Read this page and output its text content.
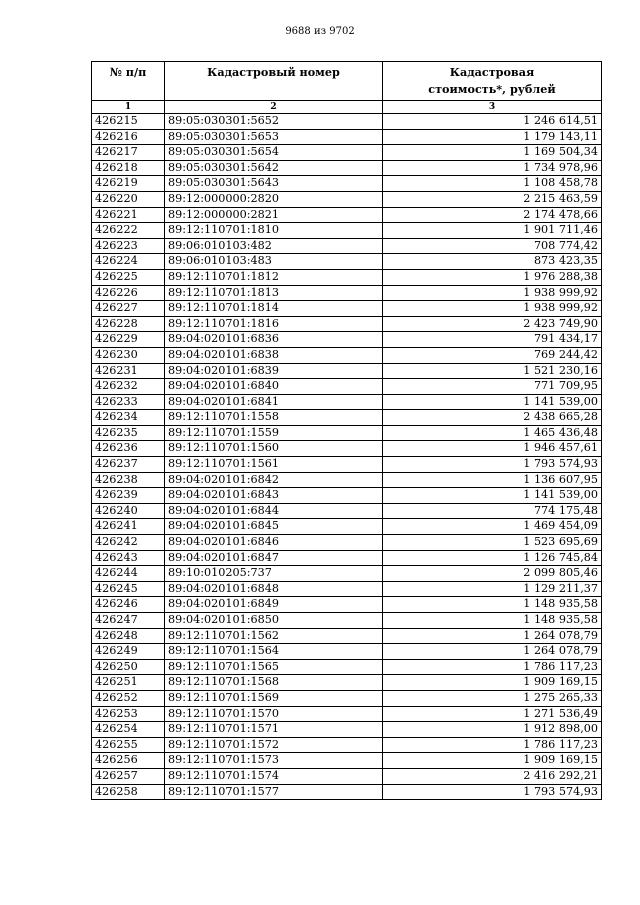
9688 из 9702
№ п/п	Кадастровый номер	Кадастровая стоимость*, рублей
1	2	3
426215	89:05:030301:5652	1 246 614,51
426216	89:05:030301:5653	1 179 143,11
426217	89:05:030301:5654	1 169 504,34
426218	89:05:030301:5642	1 734 978,96
426219	89:05:030301:5643	1 108 458,78
426220	89:12:000000:2820	2 215 463,59
426221	89:12:000000:2821	2 174 478,66
426222	89:12:110701:1810	1 901 711,46
426223	89:06:010103:482	708 774,42
426224	89:06:010103:483	873 423,35
426225	89:12:110701:1812	1 976 288,38
426226	89:12:110701:1813	1 938 999,92
426227	89:12:110701:1814	1 938 999,92
426228	89:12:110701:1816	2 423 749,90
426229	89:04:020101:6836	791 434,17
426230	89:04:020101:6838	769 244,42
426231	89:04:020101:6839	1 521 230,16
426232	89:04:020101:6840	771 709,95
426233	89:04:020101:6841	1 141 539,00
426234	89:12:110701:1558	2 438 665,28
426235	89:12:110701:1559	1 465 436,48
426236	89:12:110701:1560	1 946 457,61
426237	89:12:110701:1561	1 793 574,93
426238	89:04:020101:6842	1 136 607,95
426239	89:04:020101:6843	1 141 539,00
426240	89:04:020101:6844	774 175,48
426241	89:04:020101:6845	1 469 454,09
426242	89:04:020101:6846	1 523 695,69
426243	89:04:020101:6847	1 126 745,84
426244	89:10:010205:737	2 099 805,46
426245	89:04:020101:6848	1 129 211,37
426246	89:04:020101:6849	1 148 935,58
426247	89:04:020101:6850	1 148 935,58
426248	89:12:110701:1562	1 264 078,79
426249	89:12:110701:1564	1 264 078,79
426250	89:12:110701:1565	1 786 117,23
426251	89:12:110701:1568	1 909 169,15
426252	89:12:110701:1569	1 275 265,33
426253	89:12:110701:1570	1 271 536,49
426254	89:12:110701:1571	1 912 898,00
426255	89:12:110701:1572	1 786 117,23
426256	89:12:110701:1573	1 909 169,15
426257	89:12:110701:1574	2 416 292,21
426258	89:12:110701:1577	1 793 574,93
